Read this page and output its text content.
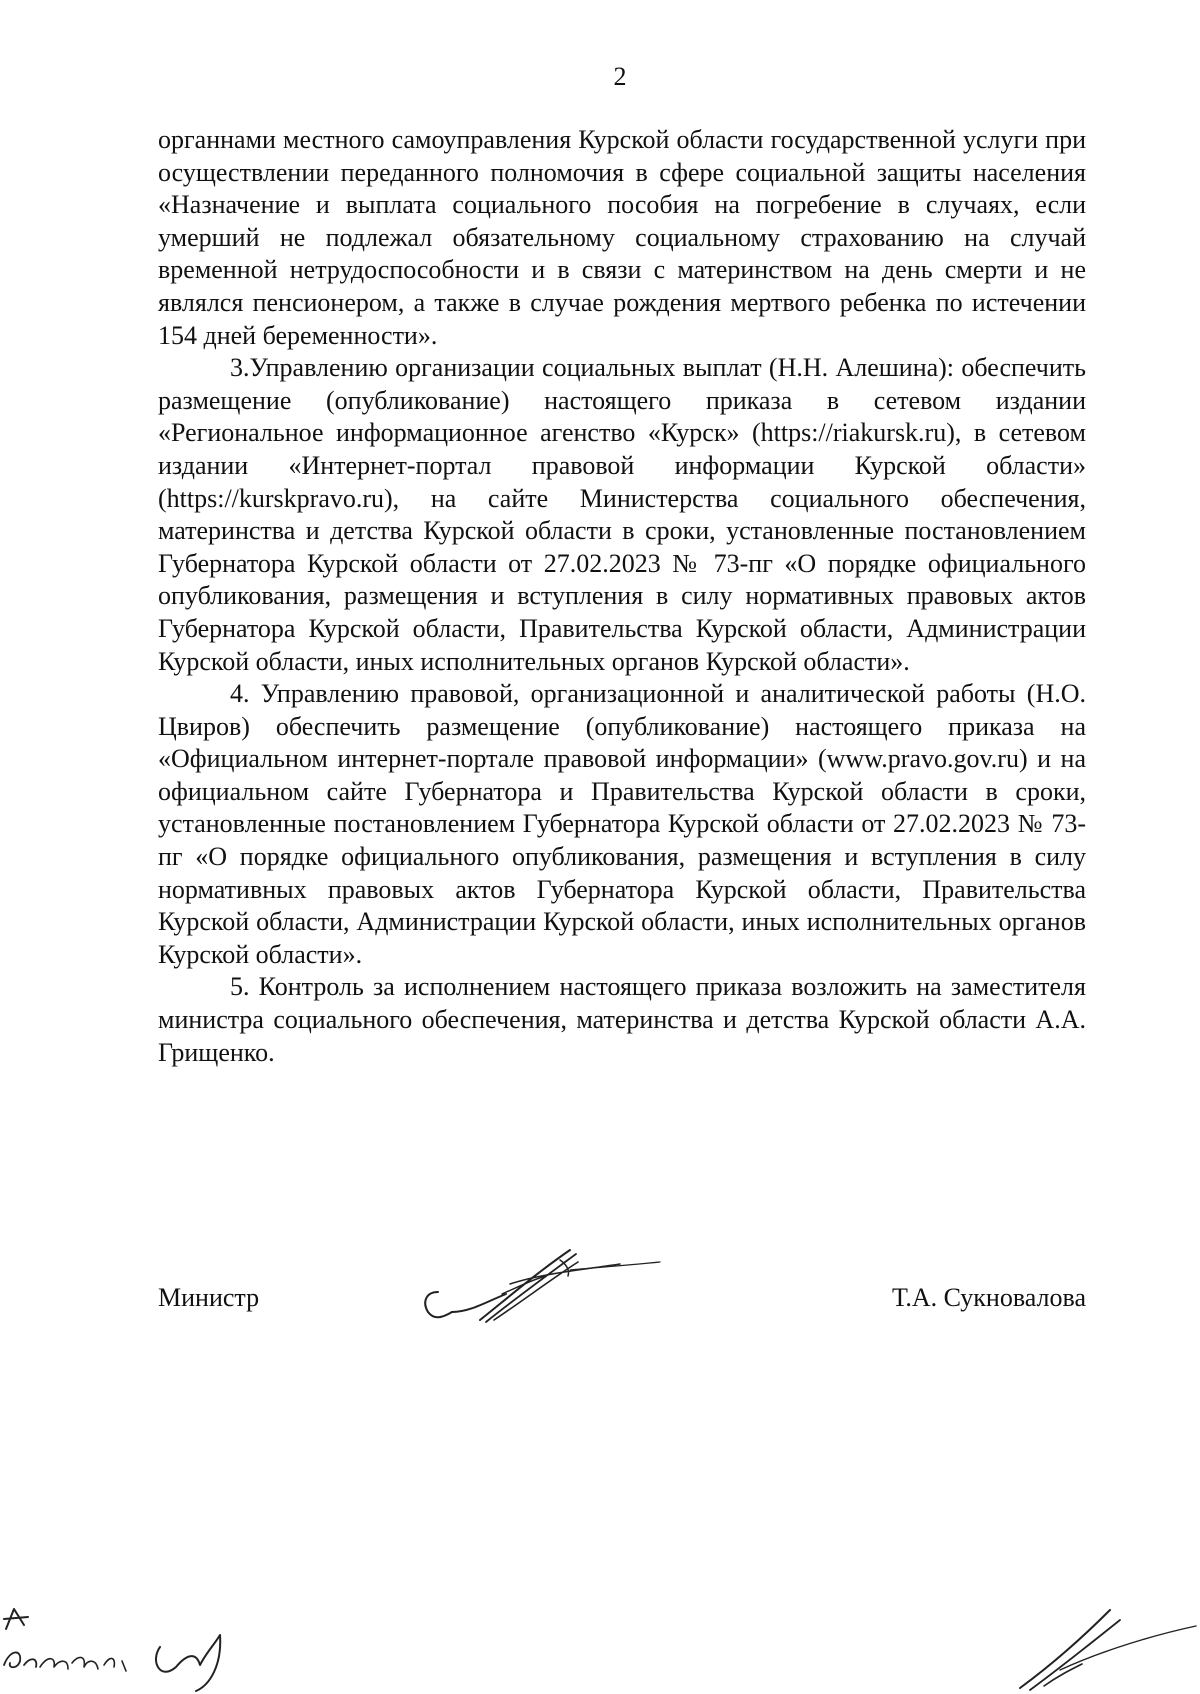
2

органнами местного самоуправления Курской области государственной услуги при осуществлении переданного полномочия в сфере социальной защиты населения «Назначение и выплата социального пособия на погребение в случаях, если умерший не подлежал обязательному социальному страхованию на случай временной нетрудоспособности и в связи с материнством на день смерти и не являлся пенсионером, а также в случае рождения мертвого ребенка по истечении 154 дней беременности».

3.Управлению организации социальных выплат (Н.Н. Алешина): обеспечить размещение (опубликование) настоящего приказа в сетевом издании «Региональное информационное агенство «Курск» (https://riakursk.ru), в сетевом издании «Интернет-портал правовой информации Курской области» (https://kurskpravo.ru), на сайте Министерства социального обеспечения, материнства и детства Курской области в сроки, установленные постановлением Губернатора Курской области от 27.02.2023 № 73-пг «О порядке официального опубликования, размещения и вступления в силу нормативных правовых актов Губернатора Курской области, Правительства Курской области, Администрации Курской области, иных исполнительных органов Курской области».

4. Управлению правовой, организационной и аналитической работы (Н.О. Цвиров) обеспечить размещение (опубликование) настоящего приказа на «Официальном интернет-портале правовой информации» (www.pravo.gov.ru) и на официальном сайте Губернатора и Правительства Курской области в сроки, установленные постановлением Губернатора Курской области от 27.02.2023 № 73-пг «О порядке официального опубликования, размещения и вступления в силу нормативных правовых актов Губернатора Курской области, Правительства Курской области, Администрации Курской области, иных исполнительных органов Курской области».

5. Контроль за исполнением настоящего приказа возложить на заместителя министра социального обеспечения, материнства и детства Курской области А.А. Грищенко.

Министр	Т.А. Сукновалова
